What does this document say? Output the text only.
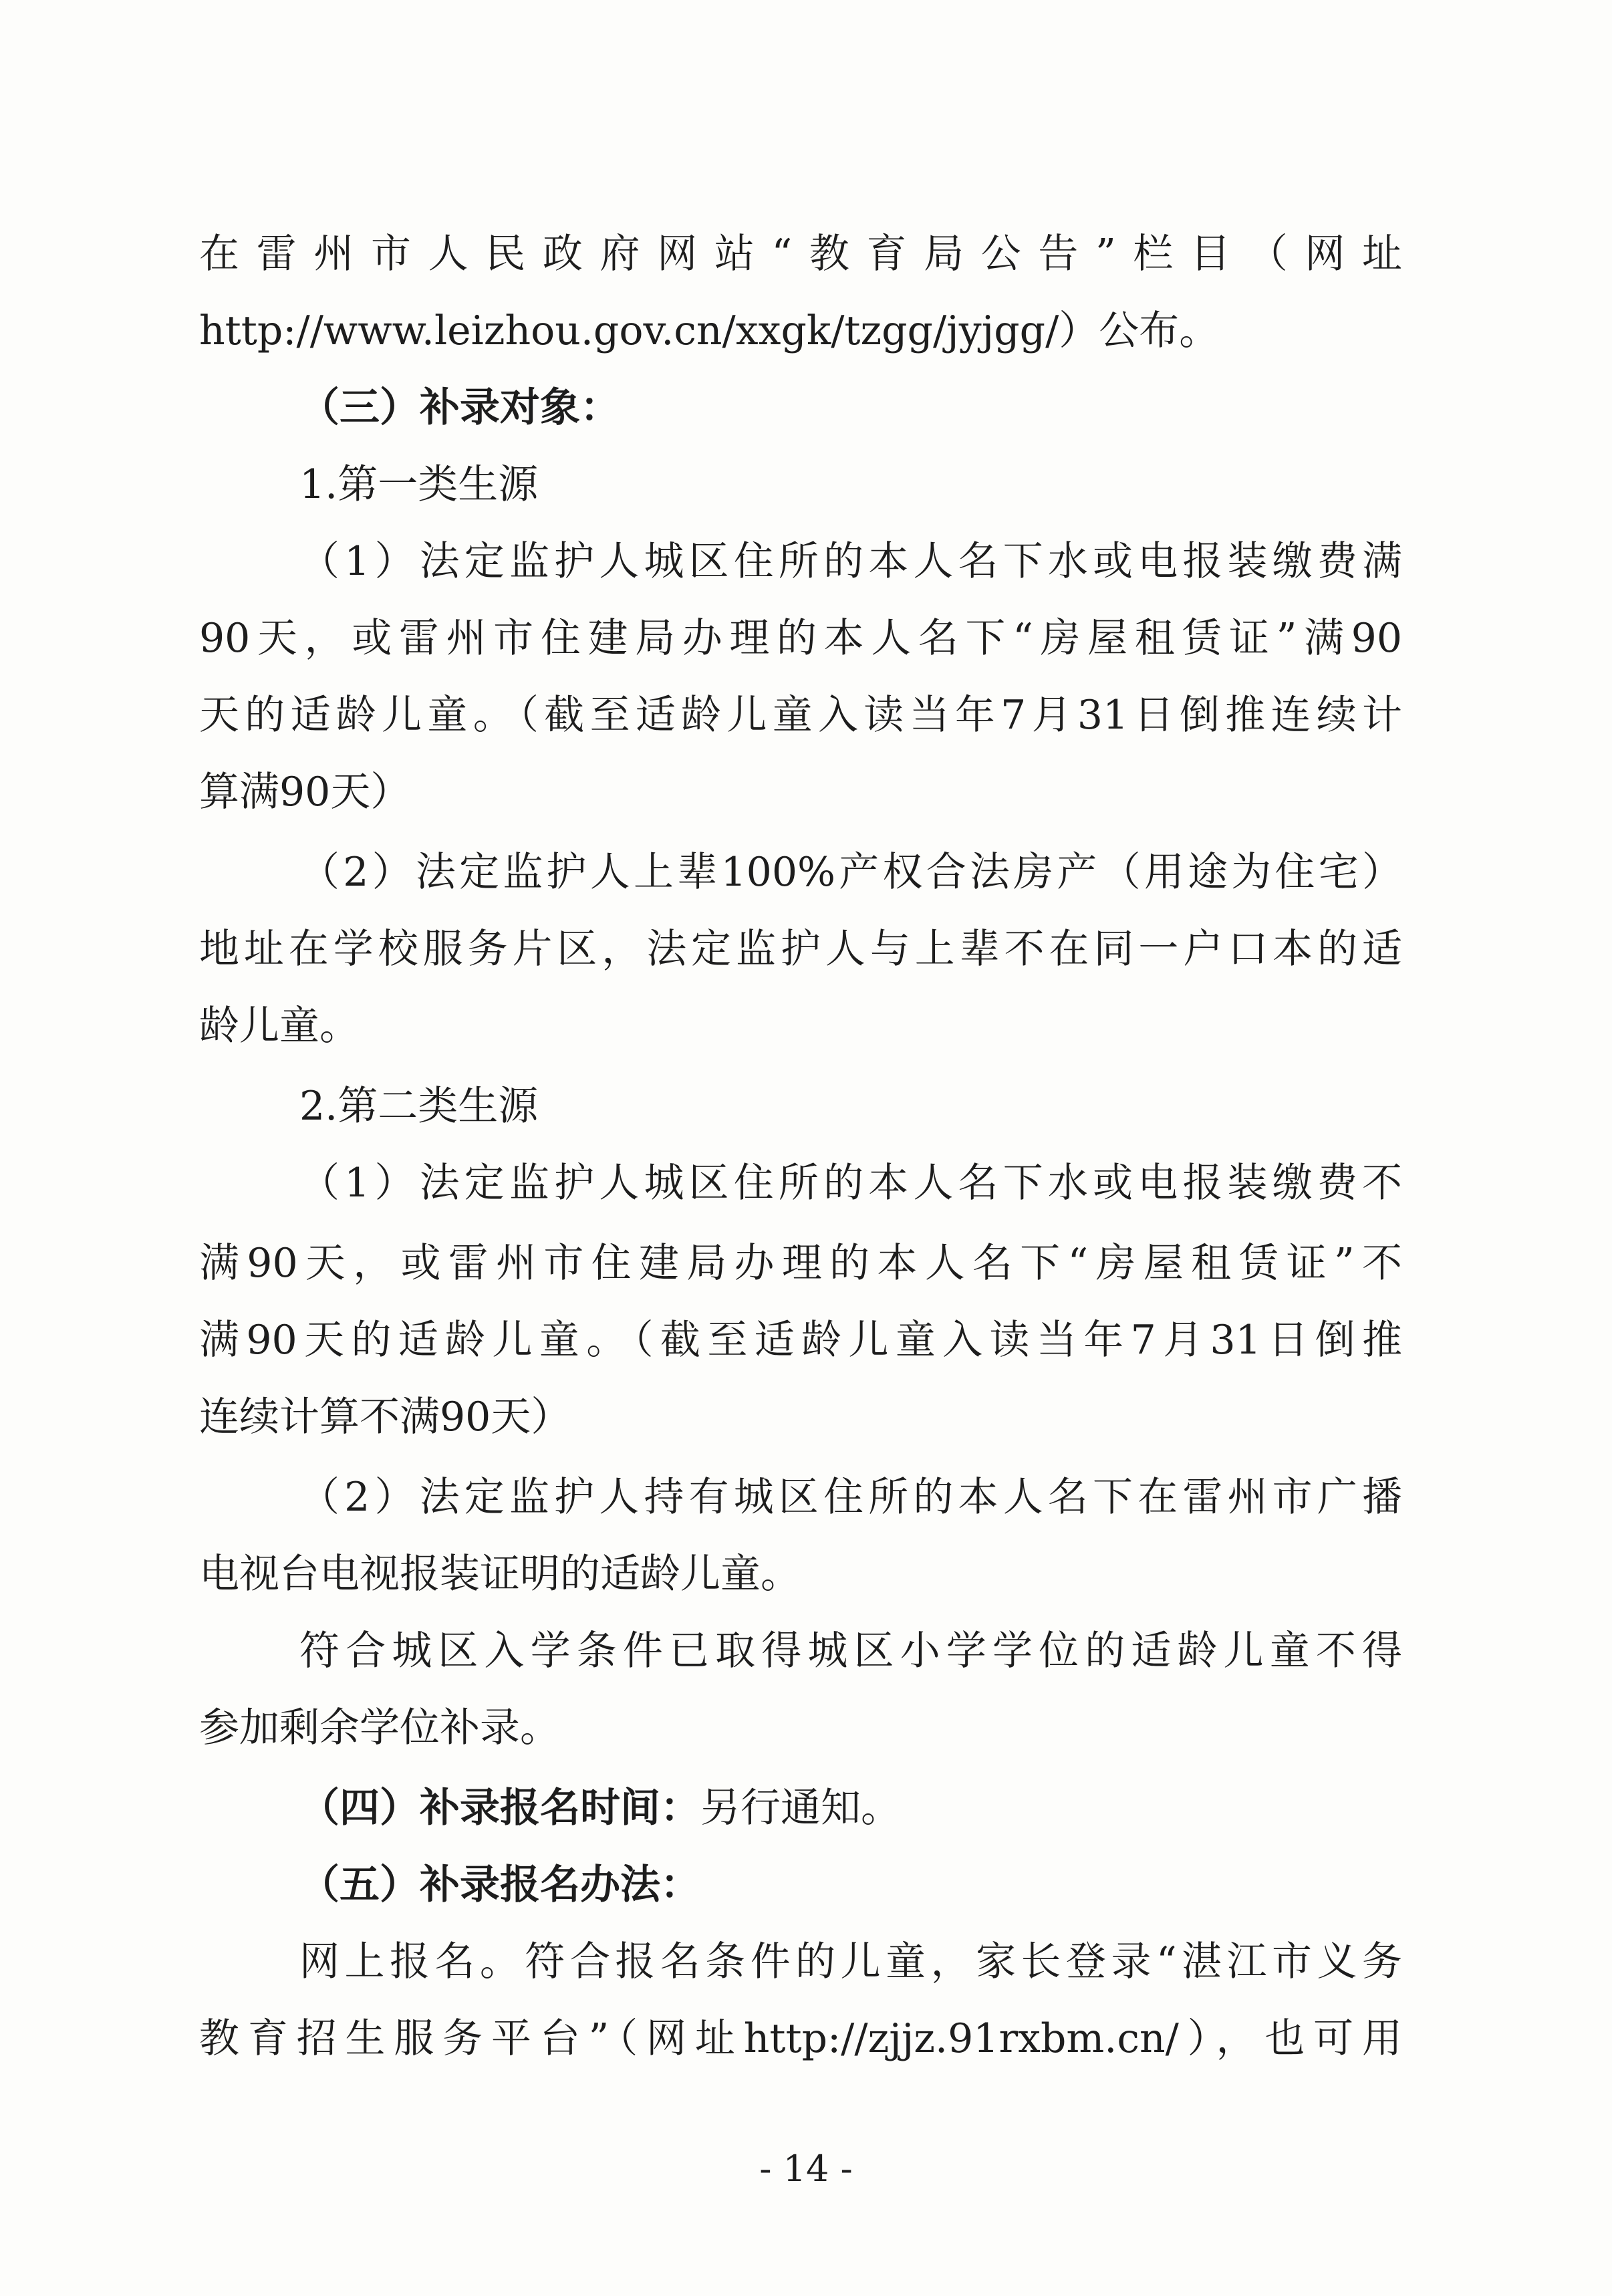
在雷州市人民政府网站“教育局公告”栏目（网址
http://www.leizhou.gov.cn/xxgk/tzgg/jyjgg/）公布。
（三）补录对象：
1.第一类生源
（1）法定监护人城区住所的本人名下水或电报装缴费满
90天，或雷州市住建局办理的本人名下“房屋租赁证”满90
天的适龄儿童。（截至适龄儿童入读当年7月31日倒推连续计
算满90天）
（2）法定监护人上辈100%产权合法房产（用途为住宅）
地址在学校服务片区，法定监护人与上辈不在同一户口本的适
龄儿童。
2.第二类生源
（1）法定监护人城区住所的本人名下水或电报装缴费不
满90天，或雷州市住建局办理的本人名下“房屋租赁证”不
满90天的适龄儿童。（截至适龄儿童入读当年7月31日倒推
连续计算不满90天）
（2）法定监护人持有城区住所的本人名下在雷州市广播
电视台电视报装证明的适龄儿童。
符合城区入学条件已取得城区小学学位的适龄儿童不得
参加剩余学位补录。
（四）补录报名时间：另行通知。
（五）补录报名办法：
网上报名。符合报名条件的儿童，家长登录“湛江市义务
教育招生服务平台”（网址http://zjjz.91rxbm.cn/），也可用
- 14 -
